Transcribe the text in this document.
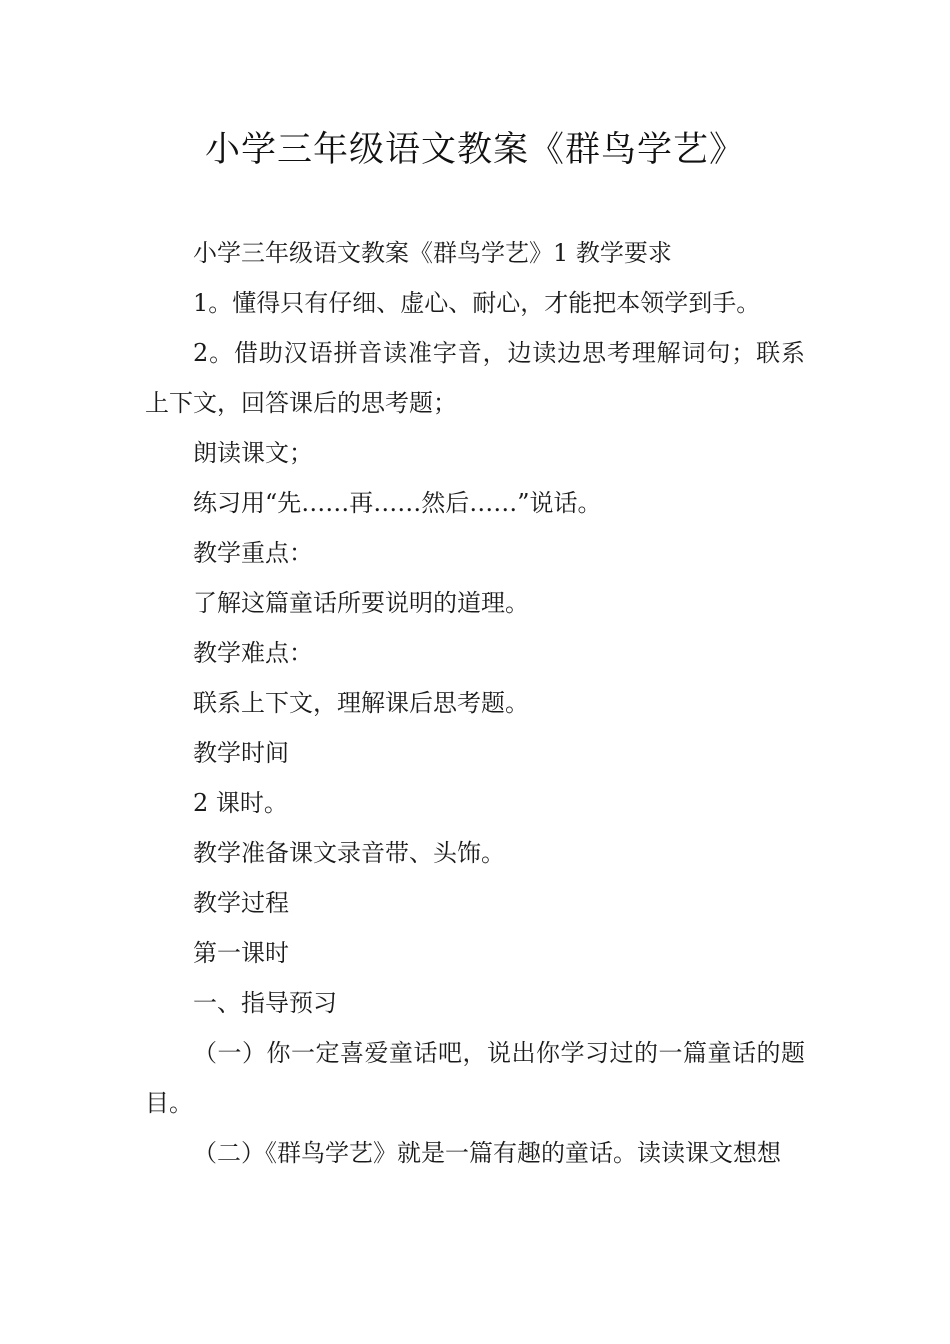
小学三年级语文教案《群鸟学艺》

小学三年级语文教案《群鸟学艺》1 教学要求

1。懂得只有仔细、虚心、耐心，才能把本领学到手。

2。借助汉语拼音读准字音，边读边思考理解词句；联系上下文，回答课后的思考题；

朗读课文；

练习用“先……再……然后……”说话。

教学重点：

了解这篇童话所要说明的道理。

教学难点：

联系上下文，理解课后思考题。

教学时间

2 课时。

教学准备课文录音带、头饰。

教学过程

第一课时

一、指导预习

（一）你一定喜爱童话吧，说出你学习过的一篇童话的题目。

（二）《群鸟学艺》就是一篇有趣的童话。读读课文想想
